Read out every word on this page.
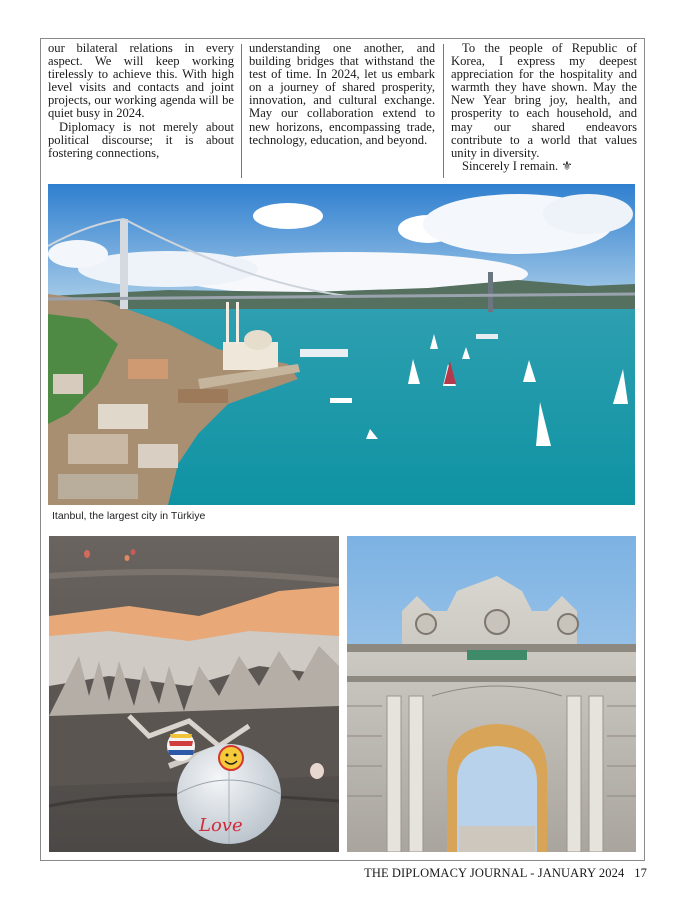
our bilateral relations in every aspect. We will keep working tirelessly to achieve this. With high level visits and contacts and joint projects, our working agenda will be quiet busy in 2024.

Diplomacy is not merely about political discourse; it is about fostering connections,

understanding one another, and building bridges that withstand the test of time. In 2024, let us embark on a journey of shared prosperity, innovation, and cultural exchange. May our collaboration extend to new horizons, encompassing trade, technology, education, and beyond.

To the people of Republic of Korea, I express my deepest appreciation for the hospitality and warmth they have shown. May the New Year bring joy, health, and prosperity to each household, and may our shared endeavors contribute to a world that values unity in diversity.

Sincerely I remain. ⚜

Itanbul, the largest city in Türkiye
Love
THE DIPLOMACY JOURNAL - JANUARY 2024 17
